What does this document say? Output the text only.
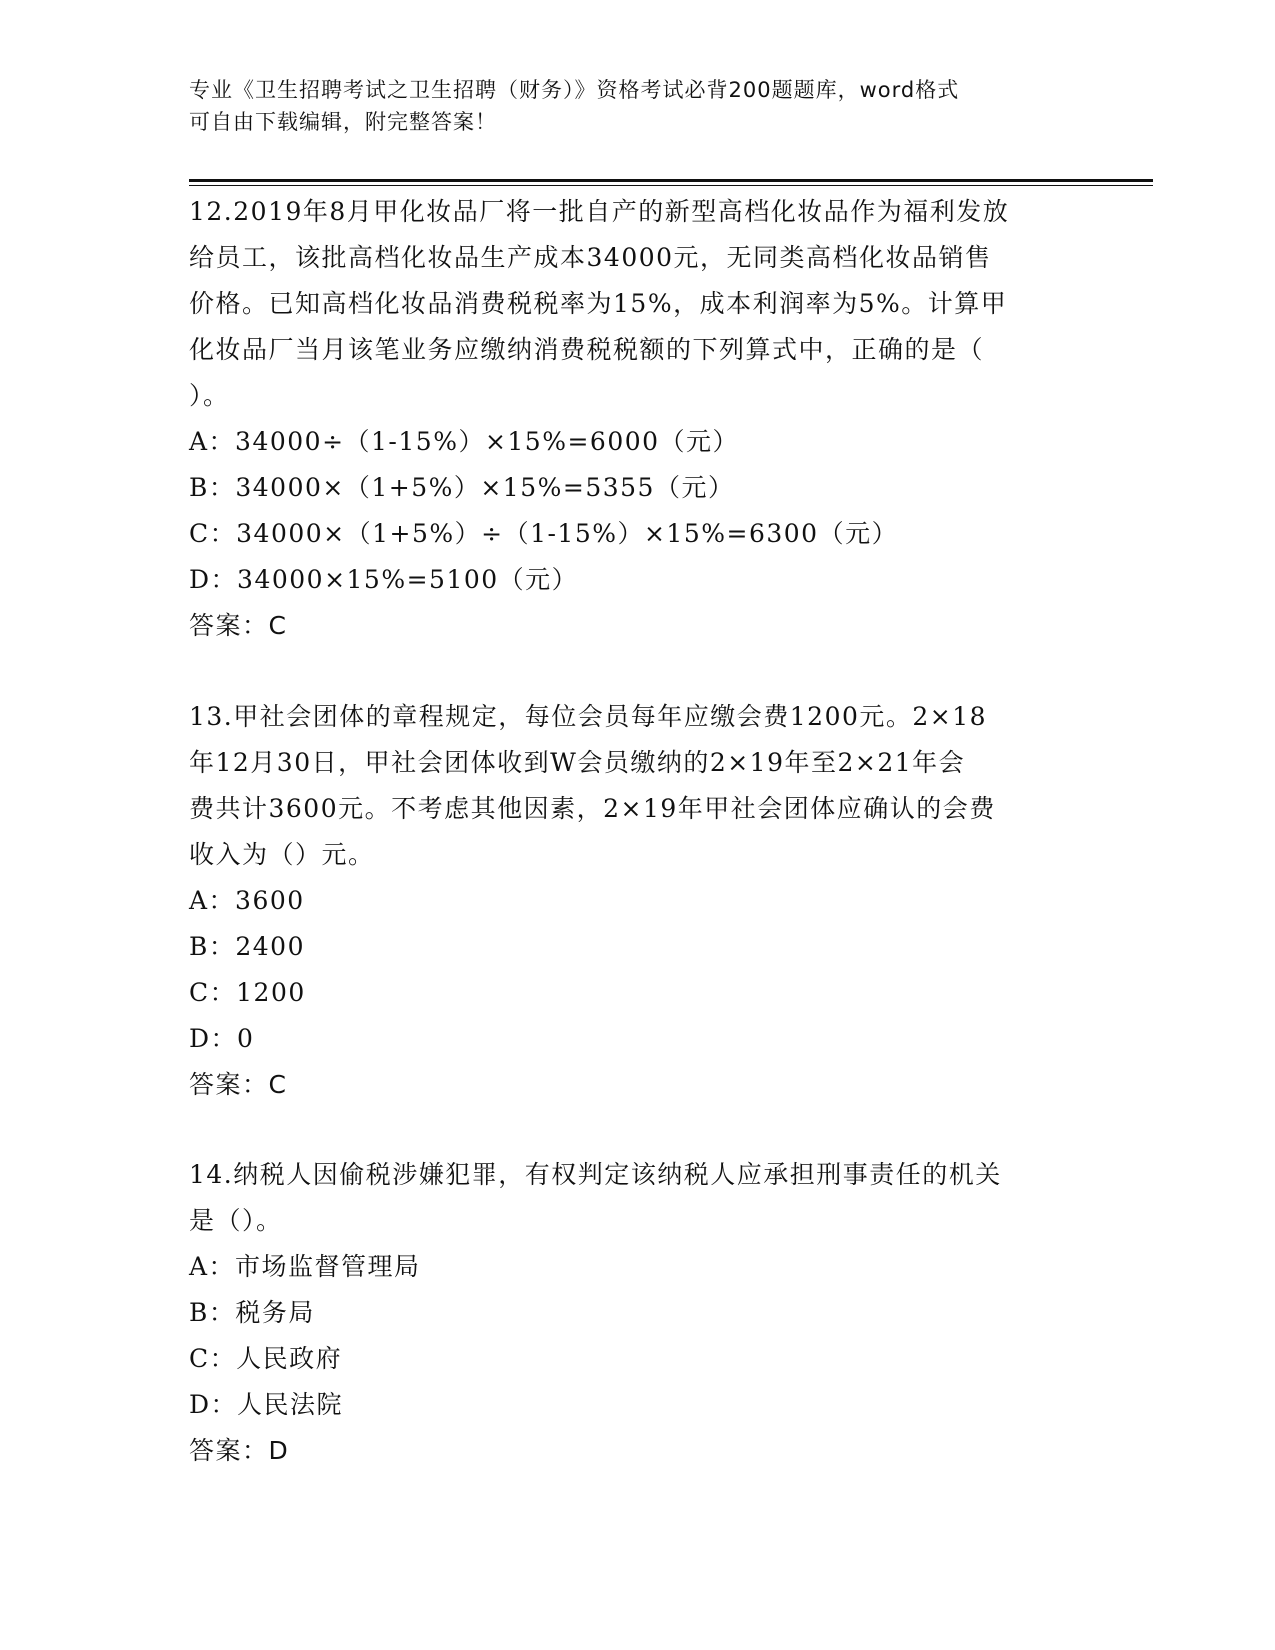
专业《卫生招聘考试之卫生招聘（财务）》资格考试必背200题题库，word格式
可自由下载编辑，附完整答案！
12.2019年8月甲化妆品厂将一批自产的新型高档化妆品作为福利发放
给员工，该批高档化妆品生产成本34000元，无同类高档化妆品销售
价格。已知高档化妆品消费税税率为15%，成本利润率为5%。计算甲
化妆品厂当月该笔业务应缴纳消费税税额的下列算式中，正确的是（
）。
A：34000÷（1-15%）×15%=6000（元）
B：34000×（1+5%）×15%=5355（元）
C：34000×（1+5%）÷（1-15%）×15%=6300（元）
D：34000×15%=5100（元）
答案：C
13.甲社会团体的章程规定，每位会员每年应缴会费1200元。2×18
年12月30日，甲社会团体收到W会员缴纳的2×19年至2×21年会
费共计3600元。不考虑其他因素，2×19年甲社会团体应确认的会费
收入为（）元。
A：3600
B：2400
C：1200
D：0
答案：C
14.纳税人因偷税涉嫌犯罪，有权判定该纳税人应承担刑事责任的机关
是（）。
A：市场监督管理局
B：税务局
C：人民政府
D：人民法院
答案：D
